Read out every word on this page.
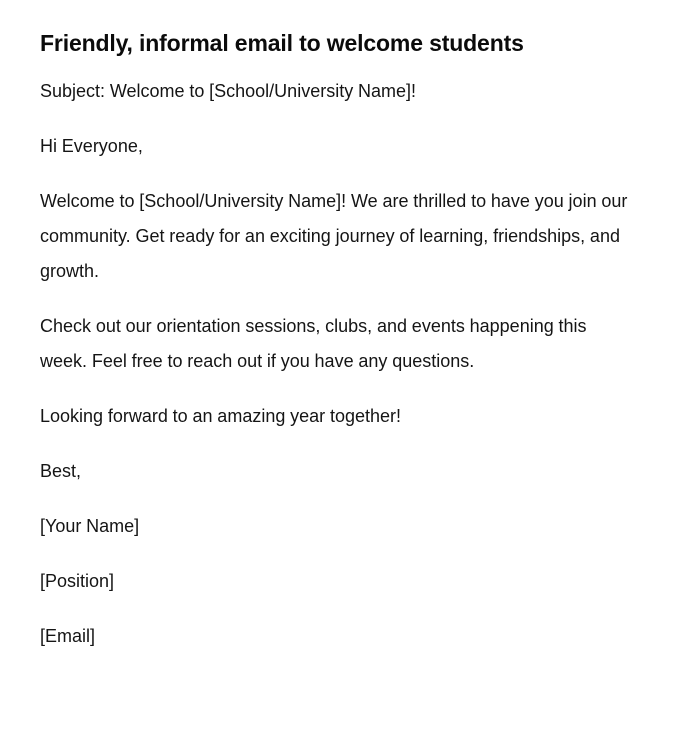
Friendly, informal email to welcome students

Subject: Welcome to [School/University Name]!

Hi Everyone,

Welcome to [School/University Name]! We are thrilled to have you join our community. Get ready for an exciting journey of learning, friendships, and growth.

Check out our orientation sessions, clubs, and events happening this week. Feel free to reach out if you have any questions.

Looking forward to an amazing year together!

Best,

[Your Name]

[Position]

[Email]
